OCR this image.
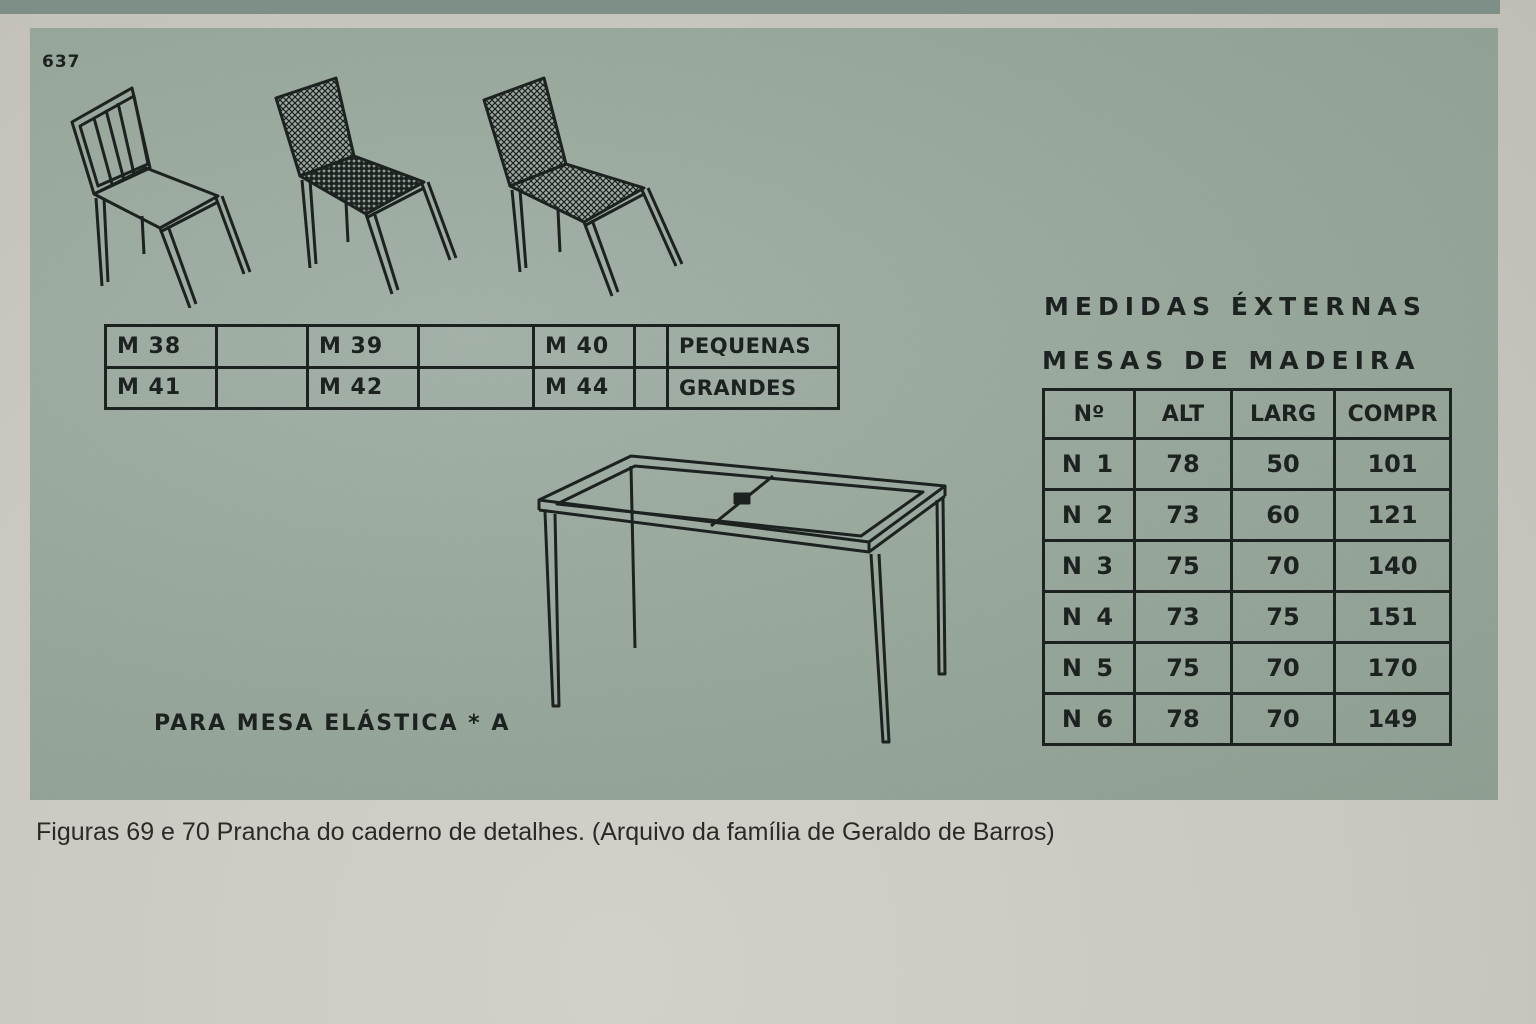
637
M 38		M 39		M 40		PEQUENAS
M 41		M 42		M 44		GRANDES
PARA MESA ELÁSTICA * A
MEDIDAS ÉXTERNAS
MESAS DE MADEIRA
Nº	ALT	LARG	COMPR
N 1	78	50	101
N 2	73	60	121
N 3	75	70	140
N 4	73	75	151
N 5	75	70	170
N 6	78	70	149
Figuras 69 e 70 Prancha do caderno de detalhes. (Arquivo da família de Geraldo de Barros)
